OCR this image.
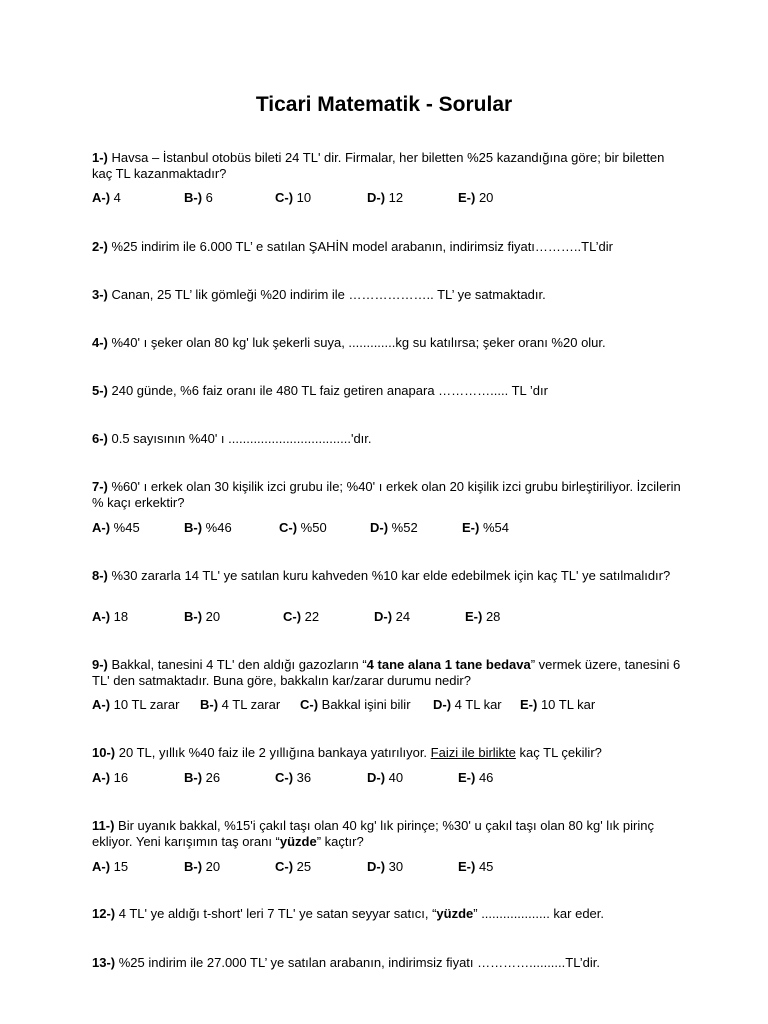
Ticari Matematik - Sorular
1-) Havsa – İstanbul otobüs bileti 24 TL' dir. Firmalar, her biletten %25 kazandığına göre; bir biletten kaç TL kazanmaktadır?
A-) 4	B-) 6	C-) 10	D-) 12	E-) 20
2-) %25 indirim ile 6.000 TL’ e satılan ŞAHİN model arabanın, indirimsiz fiyatı………..TL’dir
3-) Canan, 25 TL’ lik gömleği %20 indirim ile ……………….. TL’ ye satmaktadır.
4-) %40' ı şeker olan 80 kg' luk şekerli suya, .............kg su katılırsa; şeker oranı %20 olur.
5-) 240 günde, %6 faiz oranı ile 480 TL faiz getiren anapara …………..... TL ’dır
6-) 0.5 sayısının %40' ı ..................................'dır.
7-) %60' ı erkek olan 30 kişilik izci grubu ile; %40' ı erkek olan 20 kişilik izci grubu birleştiriliyor. İzcilerin % kaçı erkektir?
A-) %45	B-) %46	C-) %50	D-) %52	E-) %54
8-) %30 zararla 14 TL' ye satılan kuru kahveden %10 kar elde edebilmek için kaç TL' ye satılmalıdır?
A-) 18	B-) 20	C-) 22	D-) 24	E-) 28
9-) Bakkal, tanesini 4 TL' den aldığı gazozların “4 tane alana 1 tane bedava” vermek üzere, tanesini 6 TL' den satmaktadır. Buna göre, bakkalın kar/zarar durumu nedir?
A-) 10 TL zarar B-) 4 TL zarar C-) Bakkal işini bilir D-) 4 TL kar E-) 10 TL kar
10-) 20 TL, yıllık %40 faiz ile 2 yıllığına bankaya yatırılıyor. Faizi ile birlikte kaç TL çekilir?
A-) 16	B-) 26	C-) 36	D-) 40	E-) 46
11-) Bir uyanık bakkal, %15'i çakıl taşı olan 40 kg' lık pirinçe; %30' u çakıl taşı olan 80 kg' lık pirinç ekliyor. Yeni karışımın taş oranı “yüzde” kaçtır?
A-) 15	B-) 20	C-) 25	D-) 30	E-) 45
12-) 4 TL' ye aldığı t-short' leri 7 TL' ye satan seyyar satıcı, “yüzde” ................... kar eder.
13-) %25 indirim ile 27.000 TL’ ye satılan arabanın, indirimsiz fiyatı …………..........TL’dir.
